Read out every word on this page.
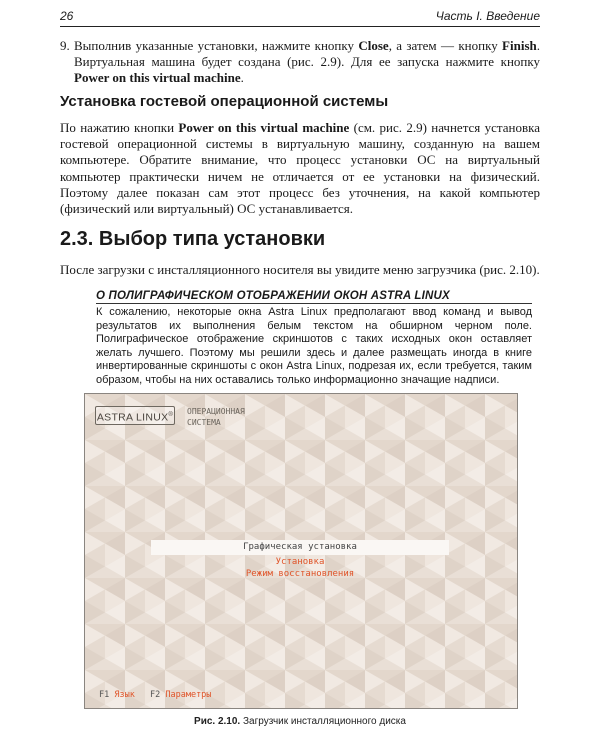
26	Часть I. Введение
9. Выполнив указанные установки, нажмите кнопку Close, а затем — кнопку Finish. Виртуальная машина будет создана (рис. 2.9). Для ее запуска нажмите кнопку Power on this virtual machine.
Установка гостевой операционной системы
По нажатию кнопки Power on this virtual machine (см. рис. 2.9) начнется установка гостевой операционной системы в виртуальную машину, созданную на вашем компьютере. Обратите внимание, что процесс установки ОС на виртуальный компьютер практически ничем не отличается от ее установки на физический. Поэтому далее показан сам этот процесс без уточнения, на какой компьютер (физический или виртуальный) ОС устанавливается.
2.3. Выбор типа установки
После загрузки с инсталляционного носителя вы увидите меню загрузчика (рис. 2.10).
О ПОЛИГРАФИЧЕСКОМ ОТОБРАЖЕНИИ ОКОН ASTRA LINUX
К сожалению, некоторые окна Astra Linux предполагают ввод команд и вывод результатов их выполнения белым текстом на обширном черном поле. Полиграфическое отображение скриншотов с таких исходных окон оставляет желать лучшего. Поэтому мы решили здесь и далее размещать иногда в книге инвертированные скриншоты с окон Astra Linux, подрезая их, если требуется, таким образом, чтобы на них оставались только информационно значащие надписи.
ASTRA LINUX® ОПЕРАЦИОННАЯ
СИСТЕМА
Графическая установка
Установка
Режим восстановления
F1 Язык F2 Параметры
Рис. 2.10. Загрузчик инсталляционного диска
